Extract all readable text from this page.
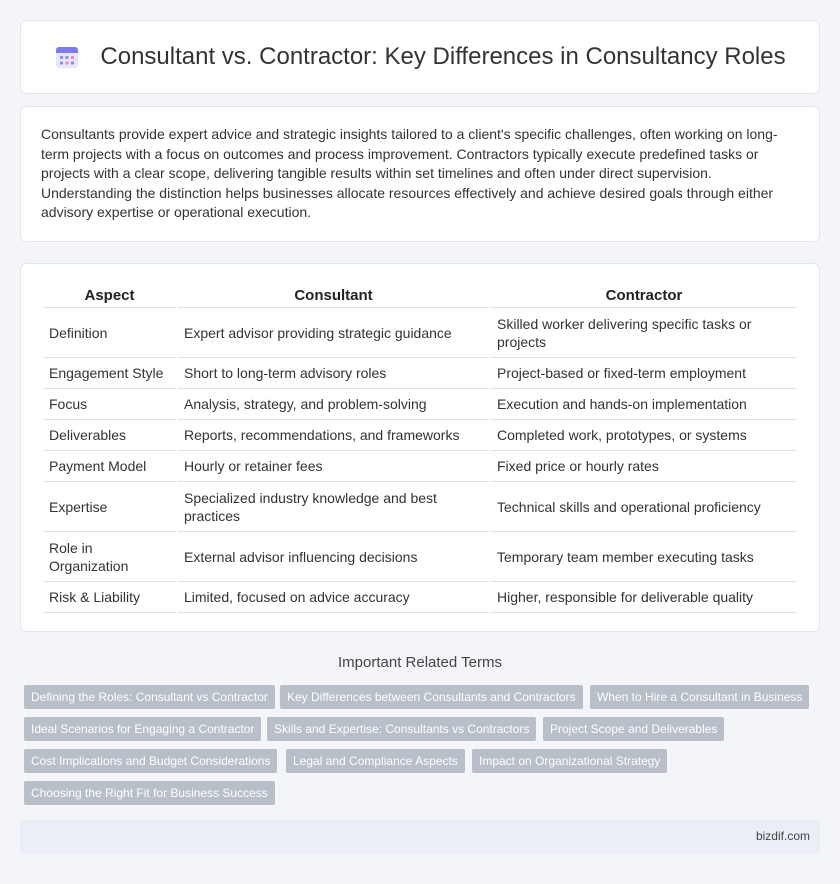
Consultant vs. Contractor: Key Differences in Consultancy Roles

Consultants provide expert advice and strategic insights tailored to a client's specific challenges, often working on long-term projects with a focus on outcomes and process improvement. Contractors typically execute predefined tasks or projects with a clear scope, delivering tangible results within set timelines and often under direct supervision. Understanding the distinction helps businesses allocate resources effectively and achieve desired goals through either advisory expertise or operational execution.

Aspect	Consultant	Contractor
Definition	Expert advisor providing strategic guidance	Skilled worker delivering specific tasks or projects
Engagement Style	Short to long-term advisory roles	Project-based or fixed-term employment
Focus	Analysis, strategy, and problem-solving	Execution and hands-on implementation
Deliverables	Reports, recommendations, and frameworks	Completed work, prototypes, or systems
Payment Model	Hourly or retainer fees	Fixed price or hourly rates
Expertise	Specialized industry knowledge and best practices	Technical skills and operational proficiency
Role in Organization	External advisor influencing decisions	Temporary team member executing tasks
Risk & Liability	Limited, focused on advice accuracy	Higher, responsible for deliverable quality
Important Related Terms
Defining the Roles: Consultant vs Contractor	Key Differences between Consultants and Contractors	When to Hire a Consultant in Business
Ideal Scenarios for Engaging a Contractor	Skills and Expertise: Consultants vs Contractors	Project Scope and Deliverables
Cost Implications and Budget Considerations	Legal and Compliance Aspects	Impact on Organizational Strategy
Choosing the Right Fit for Business Success
bizdif.com
